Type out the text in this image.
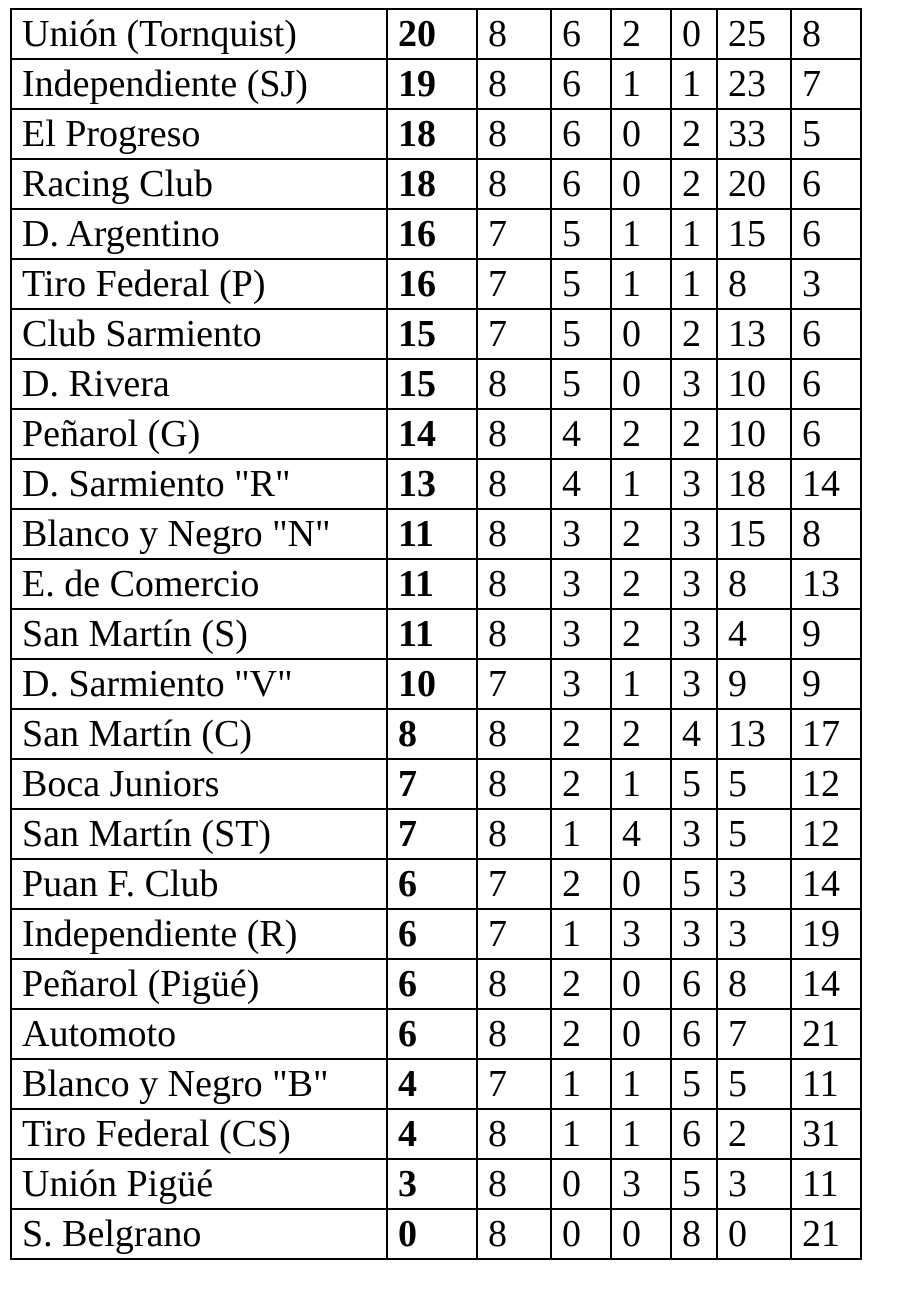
Unión (Tornquist)	20	8	6	2	0	25	8
Independiente (SJ)	19	8	6	1	1	23	7
El Progreso	18	8	6	0	2	33	5
Racing Club	18	8	6	0	2	20	6
D. Argentino	16	7	5	1	1	15	6
Tiro Federal (P)	16	7	5	1	1	8	3
Club Sarmiento	15	7	5	0	2	13	6
D. Rivera	15	8	5	0	3	10	6
Peñarol (G)	14	8	4	2	2	10	6
D. Sarmiento "R"	13	8	4	1	3	18	14
Blanco y Negro "N"	11	8	3	2	3	15	8
E. de Comercio	11	8	3	2	3	8	13
San Martín (S)	11	8	3	2	3	4	9
D. Sarmiento "V"	10	7	3	1	3	9	9
San Martín (C)	8	8	2	2	4	13	17
Boca Juniors	7	8	2	1	5	5	12
San Martín (ST)	7	8	1	4	3	5	12
Puan F. Club	6	7	2	0	5	3	14
Independiente (R)	6	7	1	3	3	3	19
Peñarol (Pigüé)	6	8	2	0	6	8	14
Automoto	6	8	2	0	6	7	21
Blanco y Negro "B"	4	7	1	1	5	5	11
Tiro Federal (CS)	4	8	1	1	6	2	31
Unión Pigüé	3	8	0	3	5	3	11
S. Belgrano	0	8	0	0	8	0	21
